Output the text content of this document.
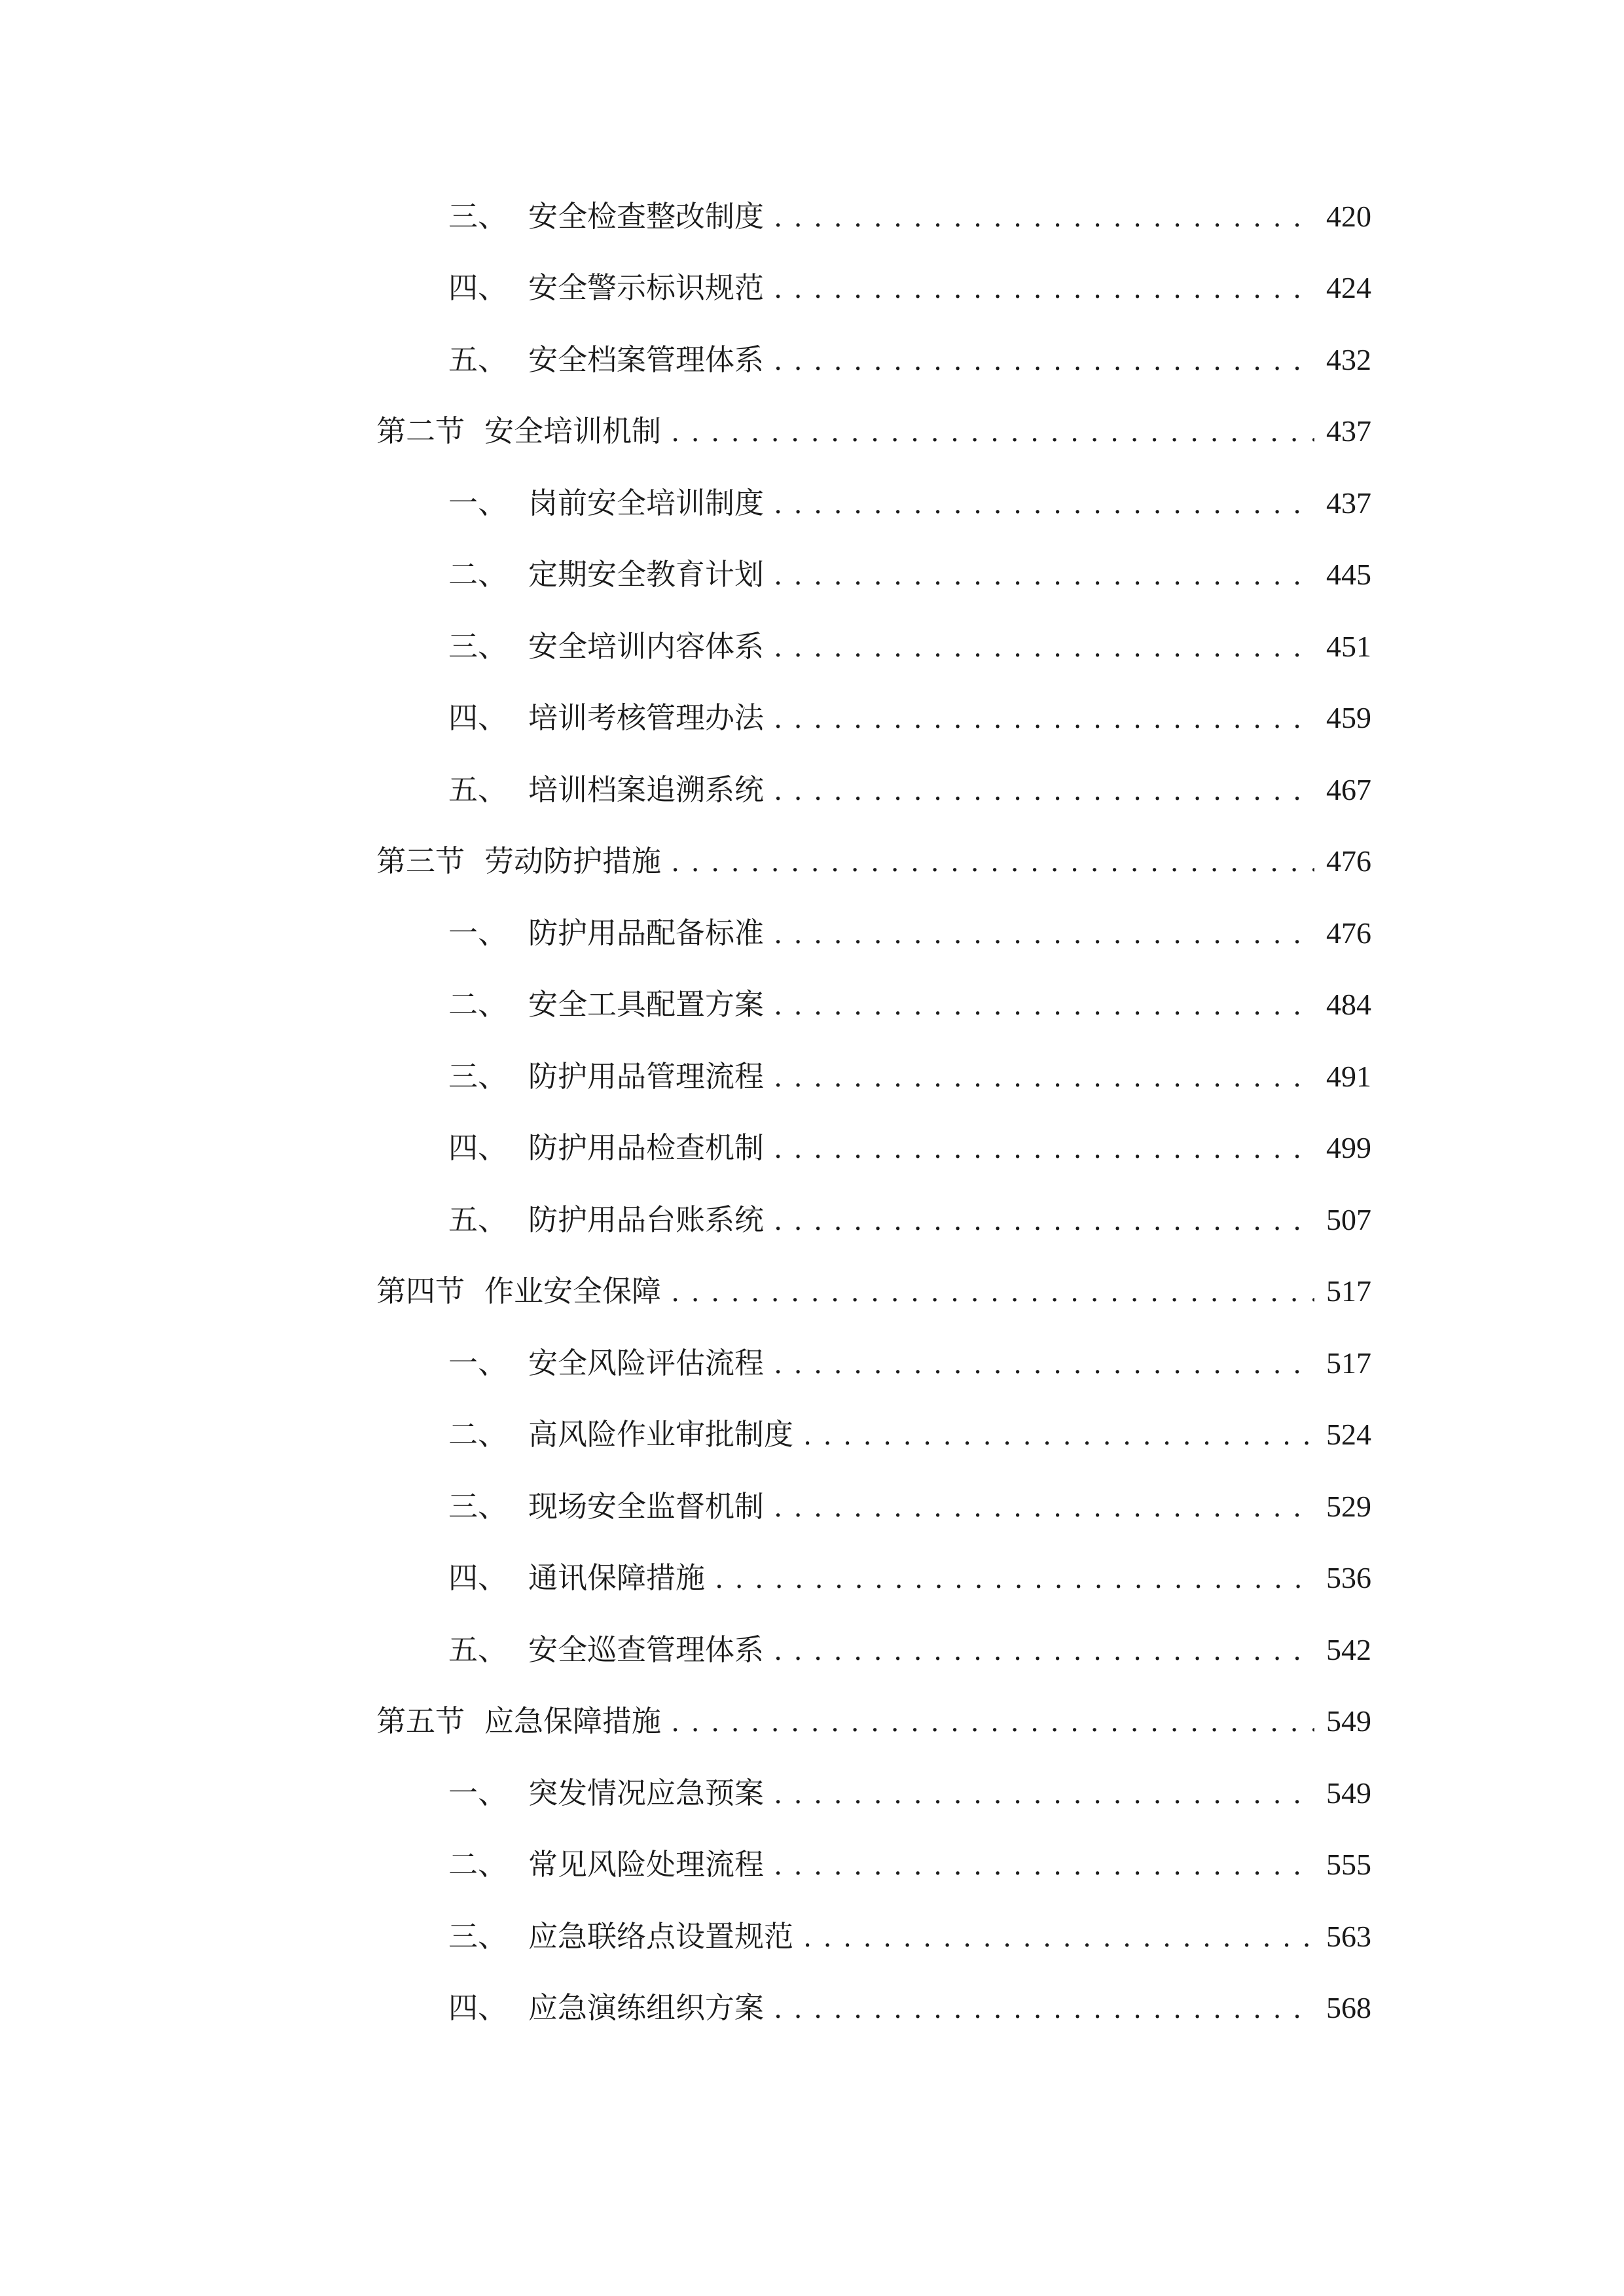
三、 安全检查整改制度 . . .	420
四、 安全警示标识规范 . . .	424
五、 安全档案管理体系 . . .	432
第二节 安全培训机制 . . .	437
一、 岗前安全培训制度 . . .	437
二、 定期安全教育计划 . . .	445
三、 安全培训内容体系 . . .	451
四、 培训考核管理办法 . . .	459
五、 培训档案追溯系统 . . .	467
第三节 劳动防护措施 . . .	476
一、 防护用品配备标准 . . .	476
二、 安全工具配置方案 . . .	484
三、 防护用品管理流程 . . .	491
四、 防护用品检查机制 . . .	499
五、 防护用品台账系统 . . .	507
第四节 作业安全保障 . . .	517
一、 安全风险评估流程 . . .	517
二、 高风险作业审批制度 . . .	524
三、 现场安全监督机制 . . .	529
四、 通讯保障措施 . . .	536
五、 安全巡查管理体系 . . .	542
第五节 应急保障措施 . . .	549
一、 突发情况应急预案 . . .	549
二、 常见风险处理流程 . . .	555
三、 应急联络点设置规范 . . .	563
四、 应急演练组织方案 . . .	568
